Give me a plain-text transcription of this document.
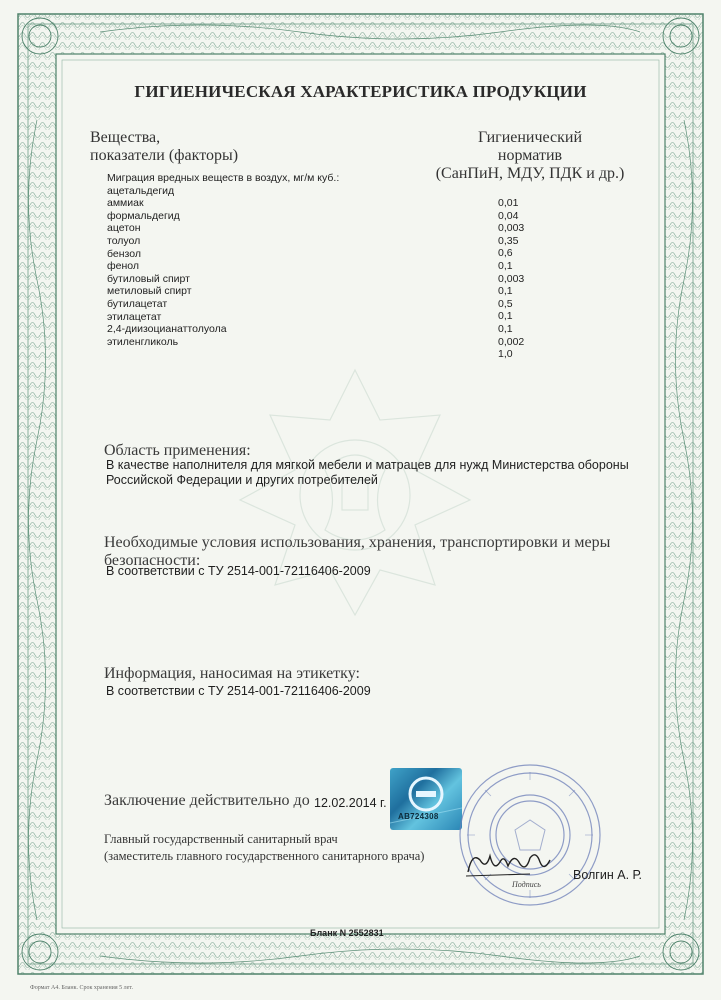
ГИГИЕНИЧЕСКАЯ ХАРАКТЕРИСТИКА ПРОДУКЦИИ
Вещества,
показатели (факторы)
Гигиенический
норматив
(СанПиН, МДУ, ПДК и др.)
Миграция вредных веществ в воздух, мг/м куб.:
ацетальдегид
аммиак
формальдегид
ацетон
толуол
бензол
фенол
бутиловый спирт
метиловый спирт
бутилацетат
этилацетат
2,4-диизоцианаттолуола
этиленгликоль
0,01
0,04
0,003
0,35
0,6
0,1
0,003
0,1
0,5
0,1
0,1
0,002
1,0
Область применения:
В качестве наполнителя для мягкой мебели и матрацев для нужд Министерства обороны
Российской Федерации и других потребителей
Необходимые условия использования, хранения, транспортировки и меры
безопасности:
В соответствии с ТУ 2514-001-72116406-2009
Информация, наносимая на этикетку:
В соответствии с ТУ 2514-001-72116406-2009
Заключение действительно до 12.02.2014 г.
Главный государственный санитарный врач
(заместитель главного государственного санитарного врача)
AB724308
Подпись
Волгин А. Р.
Бланк N 2552831
Формат А4. Бланк. Срок хранения 5 лет.
